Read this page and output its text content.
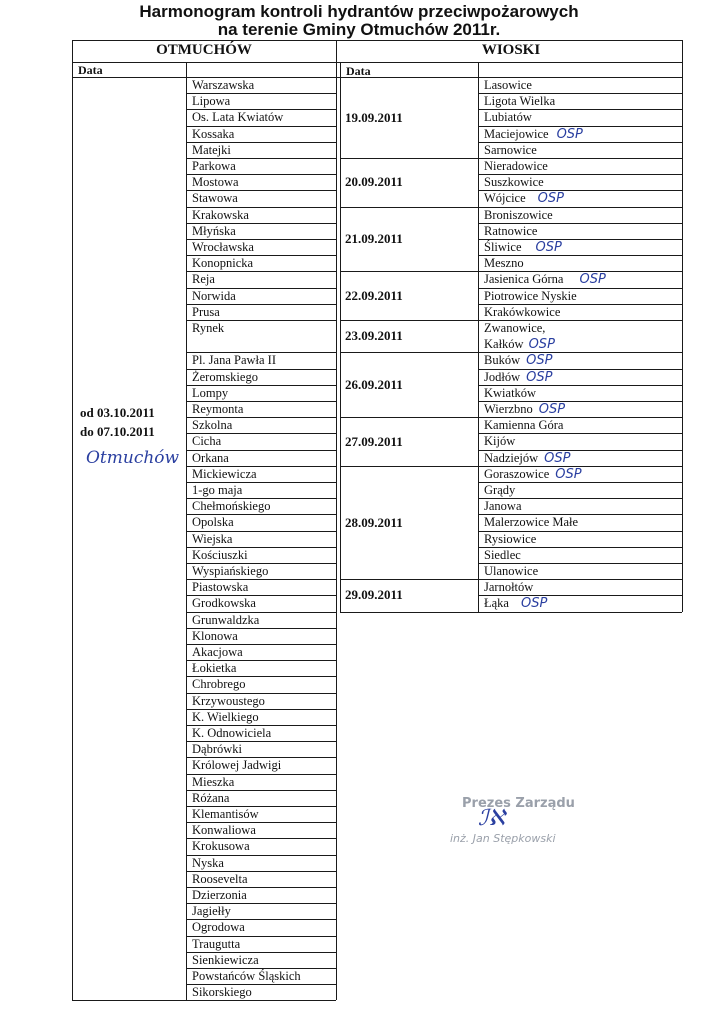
Harmonogram kontroli hydrantów przeciwpożarowych
na terenie Gminy Otmuchów 2011r.
OTMUCHÓW	WIOSKI
Data	Data
Warszawska
Lipowa
Os. Lata Kwiatów
Kossaka
Matejki
Parkowa
Mostowa
Stawowa
Krakowska
Młyńska
Wrocławska
Konopnicka
Reja
Norwida
Prusa
Rynek
Pl. Jana Pawła II
Żeromskiego
Lompy
Reymonta
Szkolna
Cicha
Orkana
Mickiewicza
1-go maja
Chełmońskiego
Opolska
Wiejska
Kościuszki
Wyspiańskiego
Piastowska
Grodkowska
Grunwaldzka
Klonowa
Akacjowa
Łokietka
Chrobrego
Krzywoustego
K. Wielkiego
K. Odnowiciela
Dąbrówki
Królowej Jadwigi
Mieszka
Różana
Klemantisów
Konwaliowa
Krokusowa
Nyska
Roosevelta
Dzierzonia
Jagiełły
Ogrodowa
Traugutta
Sienkiewicza
Powstańców Śląskich
Sikorskiego
od 03.10.2011
do 07.10.2011
Otmuchów
19.09.2011
20.09.2011
21.09.2011
22.09.2011
23.09.2011
26.09.2011
27.09.2011
28.09.2011
29.09.2011
Lasowice
Ligota Wielka
Lubiatów
Maciejowice OSP
Sarnowice
Nieradowice
Suszkowice
Wójcice OSP
Broniszowice
Ratnowice
Śliwice OSP
Meszno
Jasienica Górna OSP
Piotrowice Nyskie
Krakówkowice
Zwanowice,
Kałków OSP
Buków OSP
Jodłów OSP
Kwiatków
Wierzbno OSP
Kamienna Góra
Kijów
Nadziejów OSP
Goraszowice OSP
Grądy
Janowa
Malerzowice Małe
Rysiowice
Siedlec
Ulanowice
Jarnołtów
Łąka OSP
Prezes Zarządu
inż. Jan Stępkowski
ℐℵ
